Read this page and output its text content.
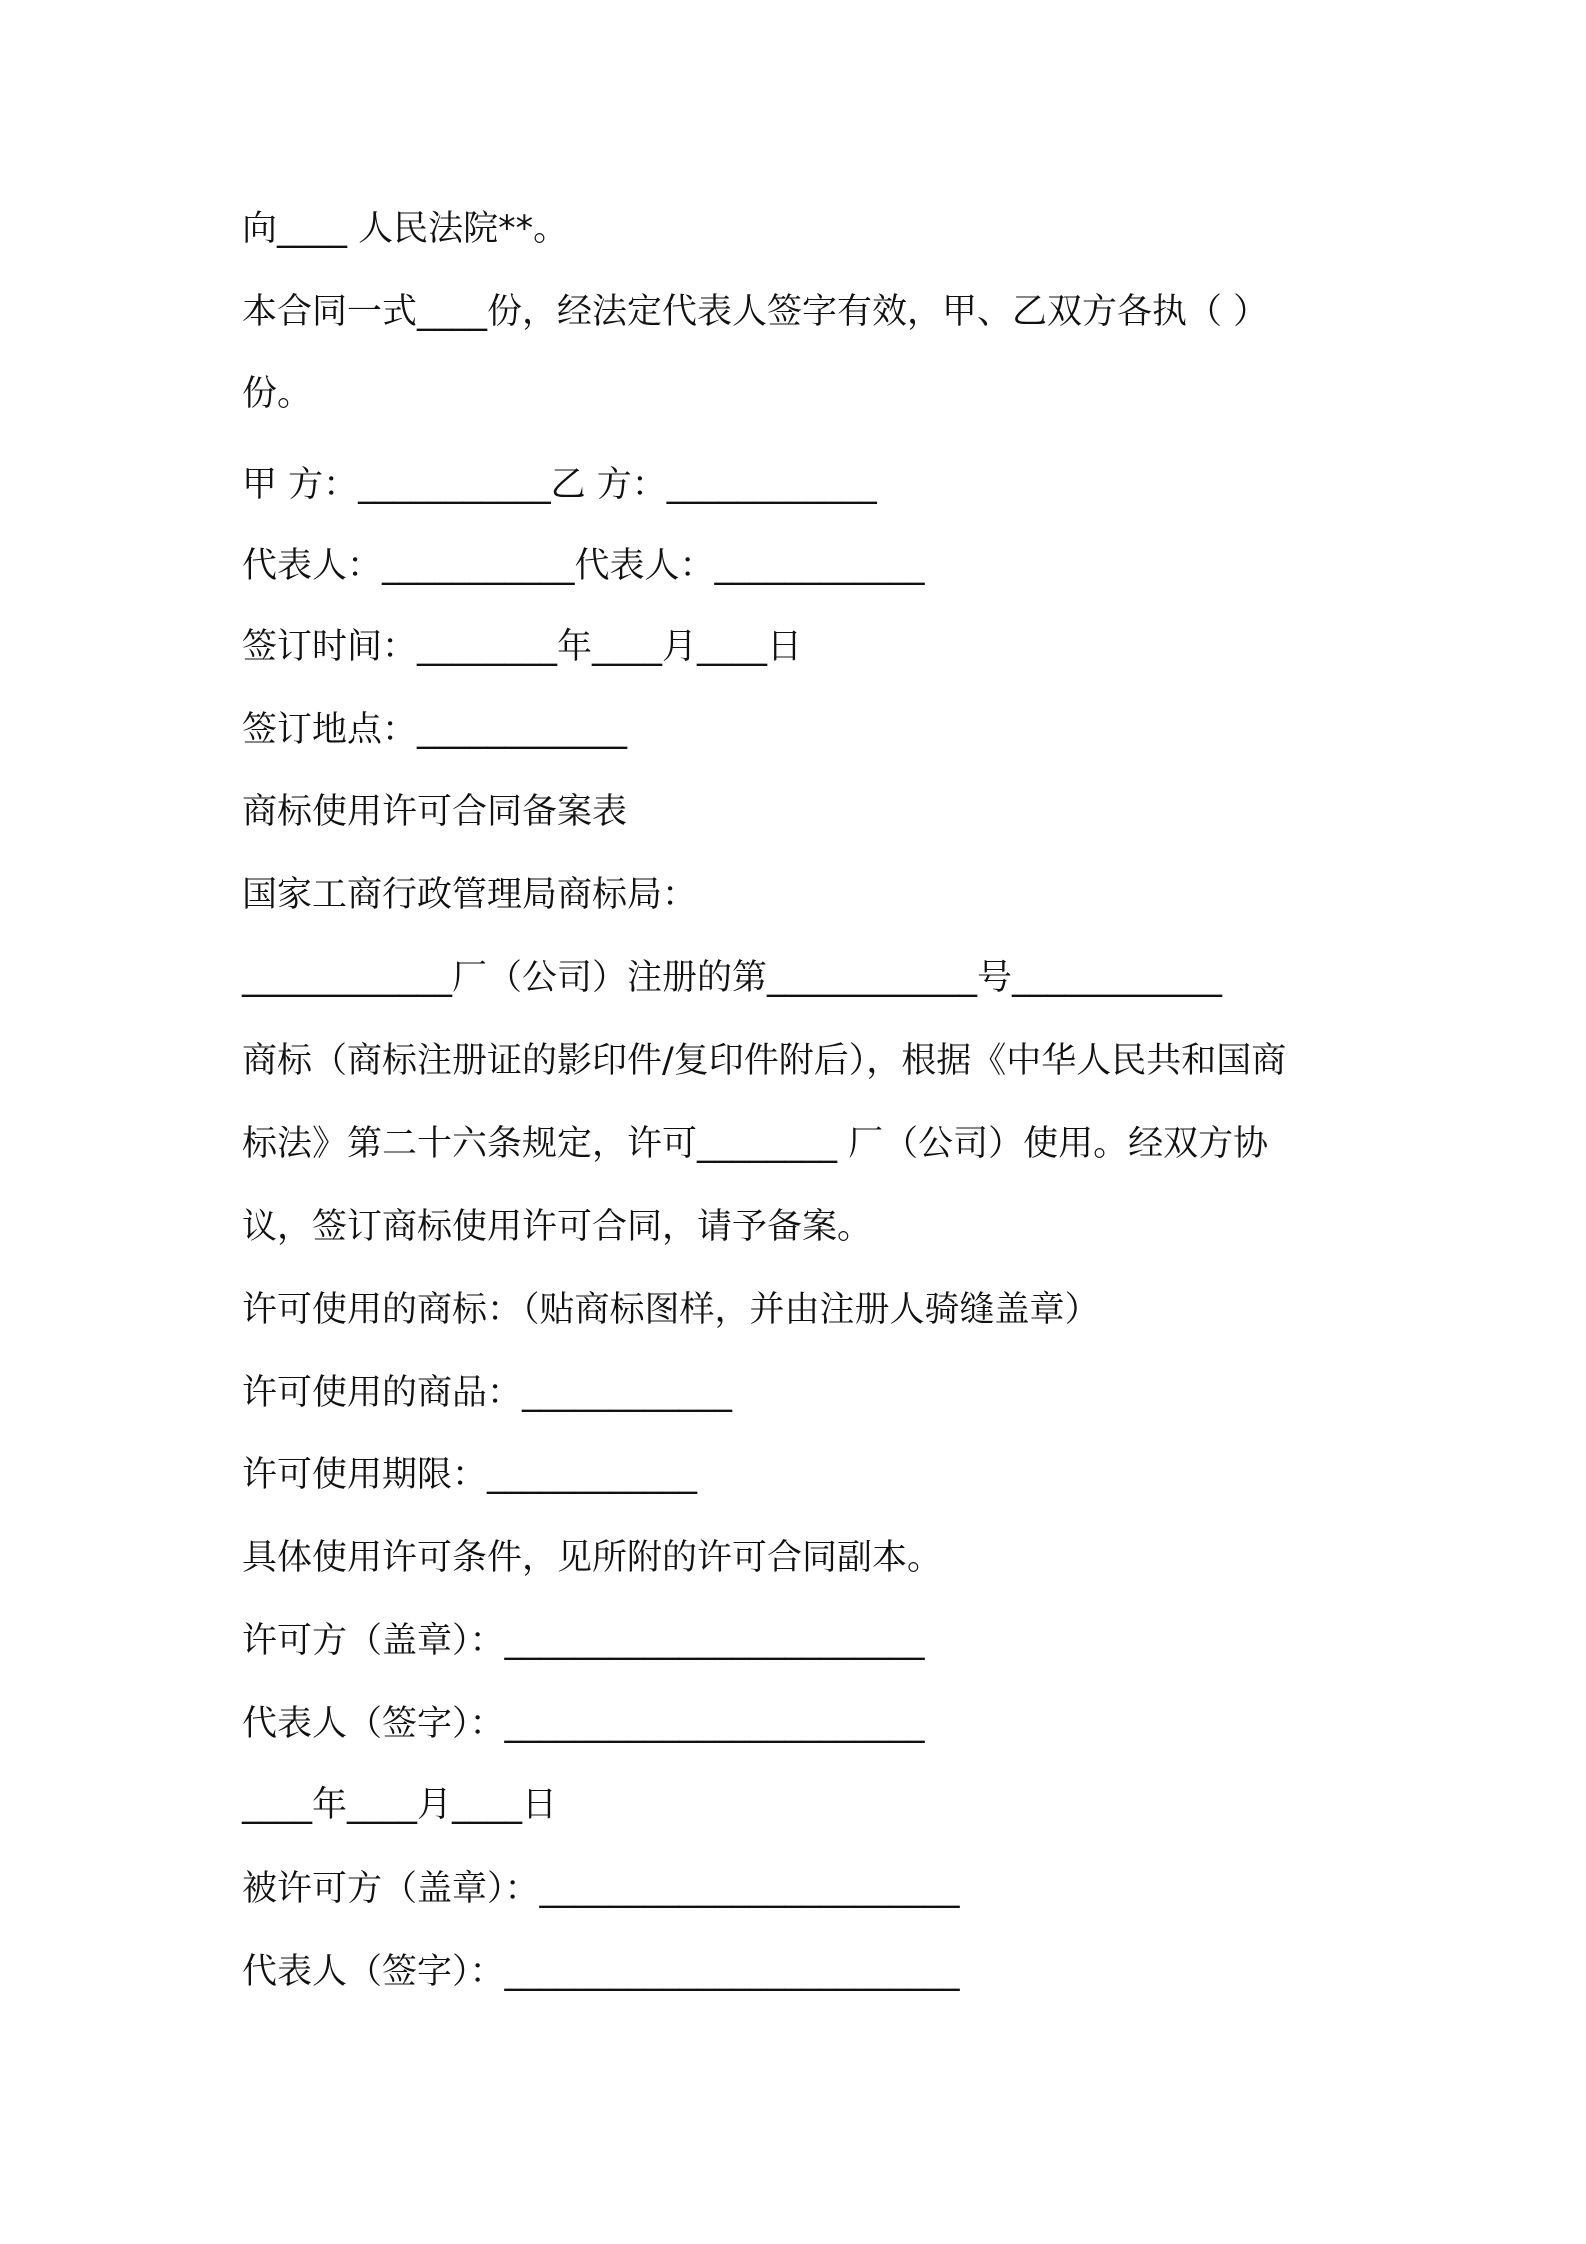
向____ 人民法院**。

本合同一式____份，经法定代表人签字有效，甲、乙双方各执（ ）

份。

甲 方：___________乙 方：____________

代表人：___________代表人：____________

签订时间：________年____月____日

签订地点：____________

商标使用许可合同备案表

国家工商行政管理局商标局：

____________厂（公司）注册的第____________号____________

商标（商标注册证的影印件/复印件附后），根据《中华人民共和国商

标法》第二十六条规定，许可________ 厂（公司）使用。经双方协

议，签订商标使用许可合同，请予备案。

许可使用的商标：（贴商标图样，并由注册人骑缝盖章）

许可使用的商品：____________

许可使用期限：____________

具体使用许可条件，见所附的许可合同副本。

许可方（盖章）：________________________

代表人（签字）：________________________

____年____月____日

被许可方（盖章）：________________________

代表人（签字）：__________________________
